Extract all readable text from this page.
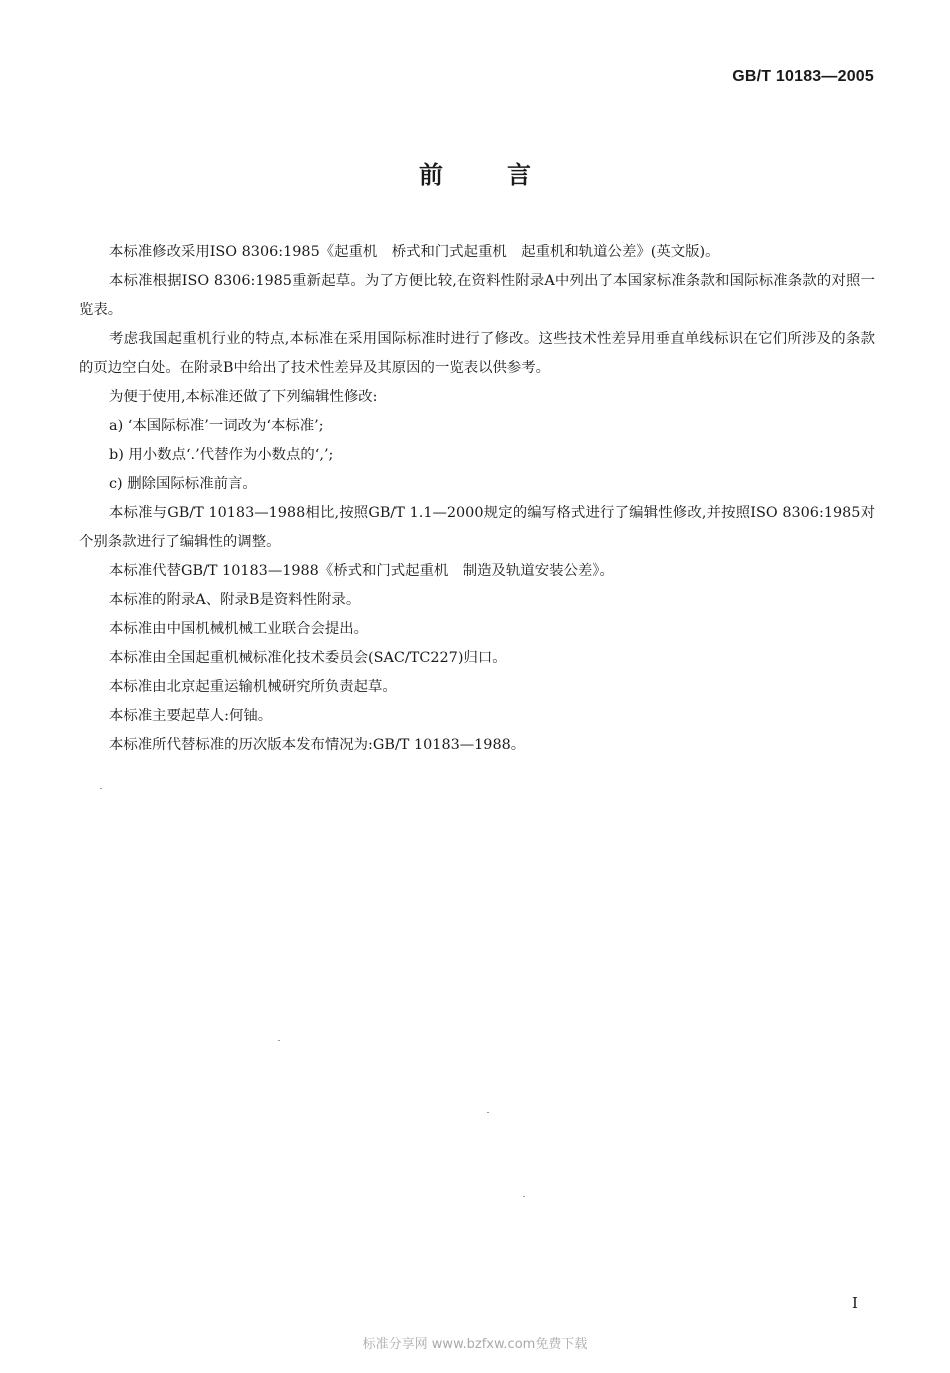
GB/T 10183—2005
前言

本标准修改采用ISO 8306:1985《起重机　桥式和门式起重机　起重机和轨道公差》(英文版)。

本标准根据ISO 8306:1985重新起草。为了方便比较,在资料性附录A中列出了本国家标准条款和国际标准条款的对照一览表。

考虑我国起重机行业的特点,本标准在采用国际标准时进行了修改。这些技术性差异用垂直单线标识在它们所涉及的条款的页边空白处。在附录B中给出了技术性差异及其原因的一览表以供参考。

为便于使用,本标准还做了下列编辑性修改:

a) ‘本国际标准’一词改为‘本标准’;

b) 用小数点‘.’代替作为小数点的‘,’;

c) 删除国际标准前言。

本标准与GB/T 10183—1988相比,按照GB/T 1.1—2000规定的编写格式进行了编辑性修改,并按照ISO 8306:1985对个别条款进行了编辑性的调整。

本标准代替GB/T 10183—1988《桥式和门式起重机　制造及轨道安装公差》。

本标准的附录A、附录B是资料性附录。

本标准由中国机械机械工业联合会提出。

本标准由全国起重机械标准化技术委员会(SAC/TC227)归口。

本标准由北京起重运输机械研究所负责起草。

本标准主要起草人:何铀。

本标准所代替标准的历次版本发布情况为:GB/T 10183—1988。

I
标准分享网 www.bzfxw.com免费下载
